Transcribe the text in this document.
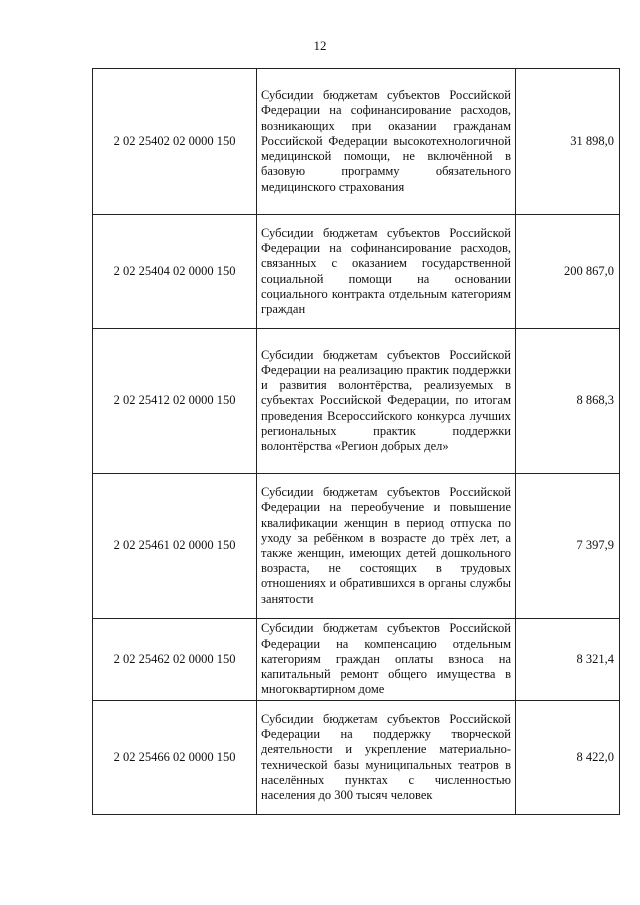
12
2 02 25402 02 0000 150	Субсидии бюджетам субъектов Российской Федерации на софинансирование расходов, возникающих при оказании гражданам Российской Федерации высокотехнологичной медицинской помощи, не включённой в базовую программу обязательного медицинского страхования	31 898,0
2 02 25404 02 0000 150	Субсидии бюджетам субъектов Российской Федерации на софинансирование расходов, связанных с оказанием государственной социальной помощи на основании социального контракта отдельным категориям граждан	200 867,0
2 02 25412 02 0000 150	Субсидии бюджетам субъектов Российской Федерации на реализацию практик поддержки и развития волонтёрства, реализуемых в субъектах Российской Федерации, по итогам проведения Всероссийского конкурса лучших региональных практик поддержки волонтёрства «Регион добрых дел»	8 868,3
2 02 25461 02 0000 150	Субсидии бюджетам субъектов Российской Федерации на переобучение и повышение квалификации женщин в период отпуска по уходу за ребёнком в возрасте до трёх лет, а также женщин, имеющих детей дошкольного возраста, не состоящих в трудовых отношениях и обратившихся в органы службы занятости	7 397,9
2 02 25462 02 0000 150	Субсидии бюджетам субъектов Российской Федерации на компенсацию отдельным категориям граждан оплаты взноса на капитальный ремонт общего имущества в многоквартирном доме	8 321,4
2 02 25466 02 0000 150	Субсидии бюджетам субъектов Российской Федерации на поддержку творческой деятельности и укрепление материально-технической базы муниципальных театров в населённых пунктах с численностью населения до 300 тысяч человек	8 422,0
